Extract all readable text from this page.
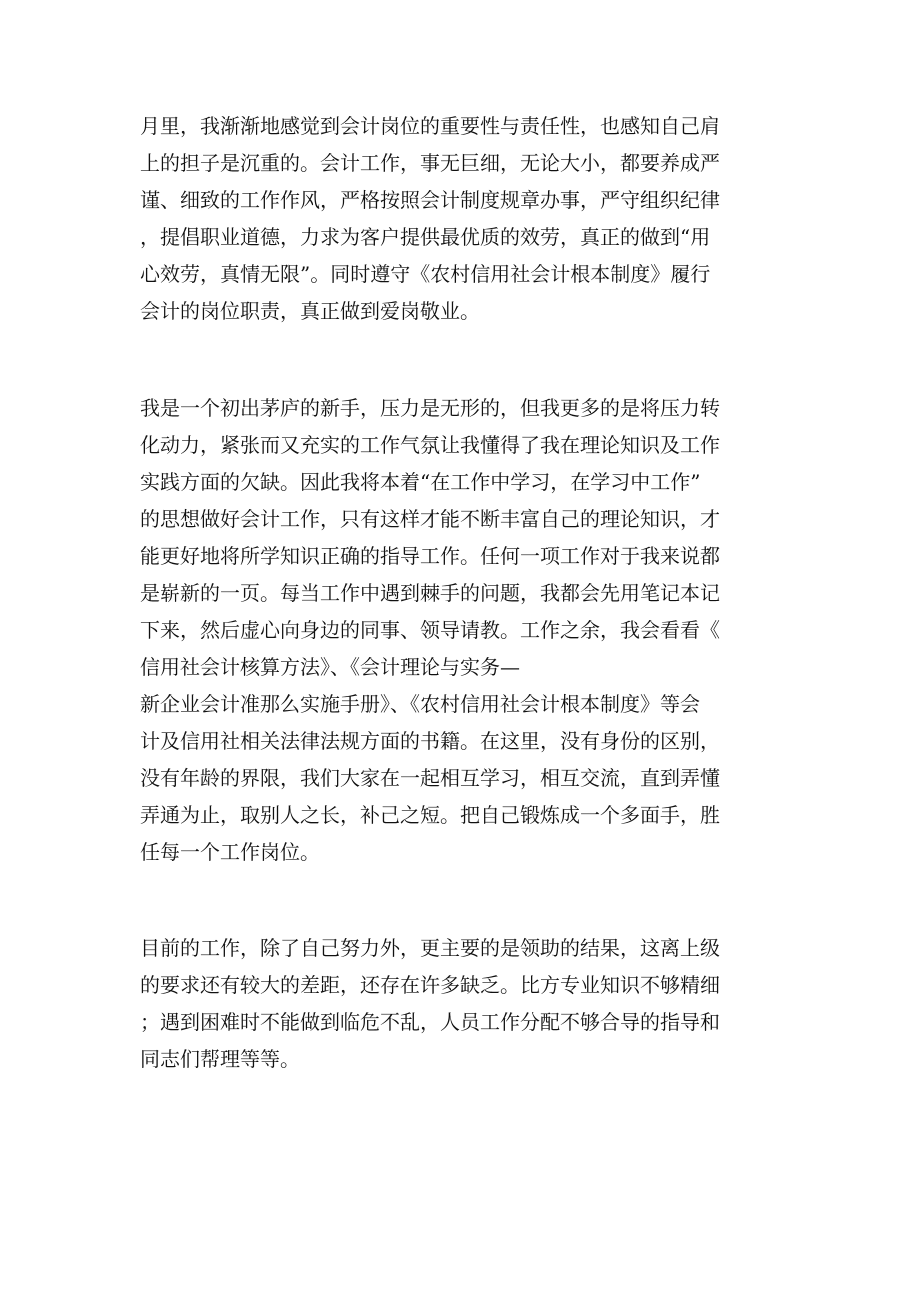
月里，我渐渐地感觉到会计岗位的重要性与责任性，也感知自己肩

上的担子是沉重的。会计工作，事无巨细，无论大小，都要养成严

谨、细致的工作作风，严格按照会计制度规章办事，严守组织纪律

，提倡职业道德，力求为客户提供最优质的效劳，真正的做到“用

心效劳，真情无限”。同时遵守《农村信用社会计根本制度》履行

会计的岗位职责，真正做到爱岗敬业。

我是一个初出茅庐的新手，压力是无形的，但我更多的是将压力转

化动力，紧张而又充实的工作气氛让我懂得了我在理论知识及工作

实践方面的欠缺。因此我将本着“在工作中学习，在学习中工作”

的思想做好会计工作，只有这样才能不断丰富自己的理论知识，才

能更好地将所学知识正确的指导工作。任何一项工作对于我来说都

是崭新的一页。每当工作中遇到棘手的问题，我都会先用笔记本记

下来，然后虚心向身边的同事、领导请教。工作之余，我会看看《

信用社会计核算方法》、《会计理论与实务—

新企业会计准那么实施手册》、《农村信用社会计根本制度》等会

计及信用社相关法律法规方面的书籍。在这里，没有身份的区别，

没有年龄的界限，我们大家在一起相互学习，相互交流，直到弄懂

弄通为止，取别人之长，补己之短。把自己锻炼成一个多面手，胜

任每一个工作岗位。

目前的工作，除了自己努力外，更主要的是领助的结果，这离上级

的要求还有较大的差距，还存在许多缺乏。比方专业知识不够精细

；遇到困难时不能做到临危不乱，人员工作分配不够合导的指导和

同志们帮理等等。
